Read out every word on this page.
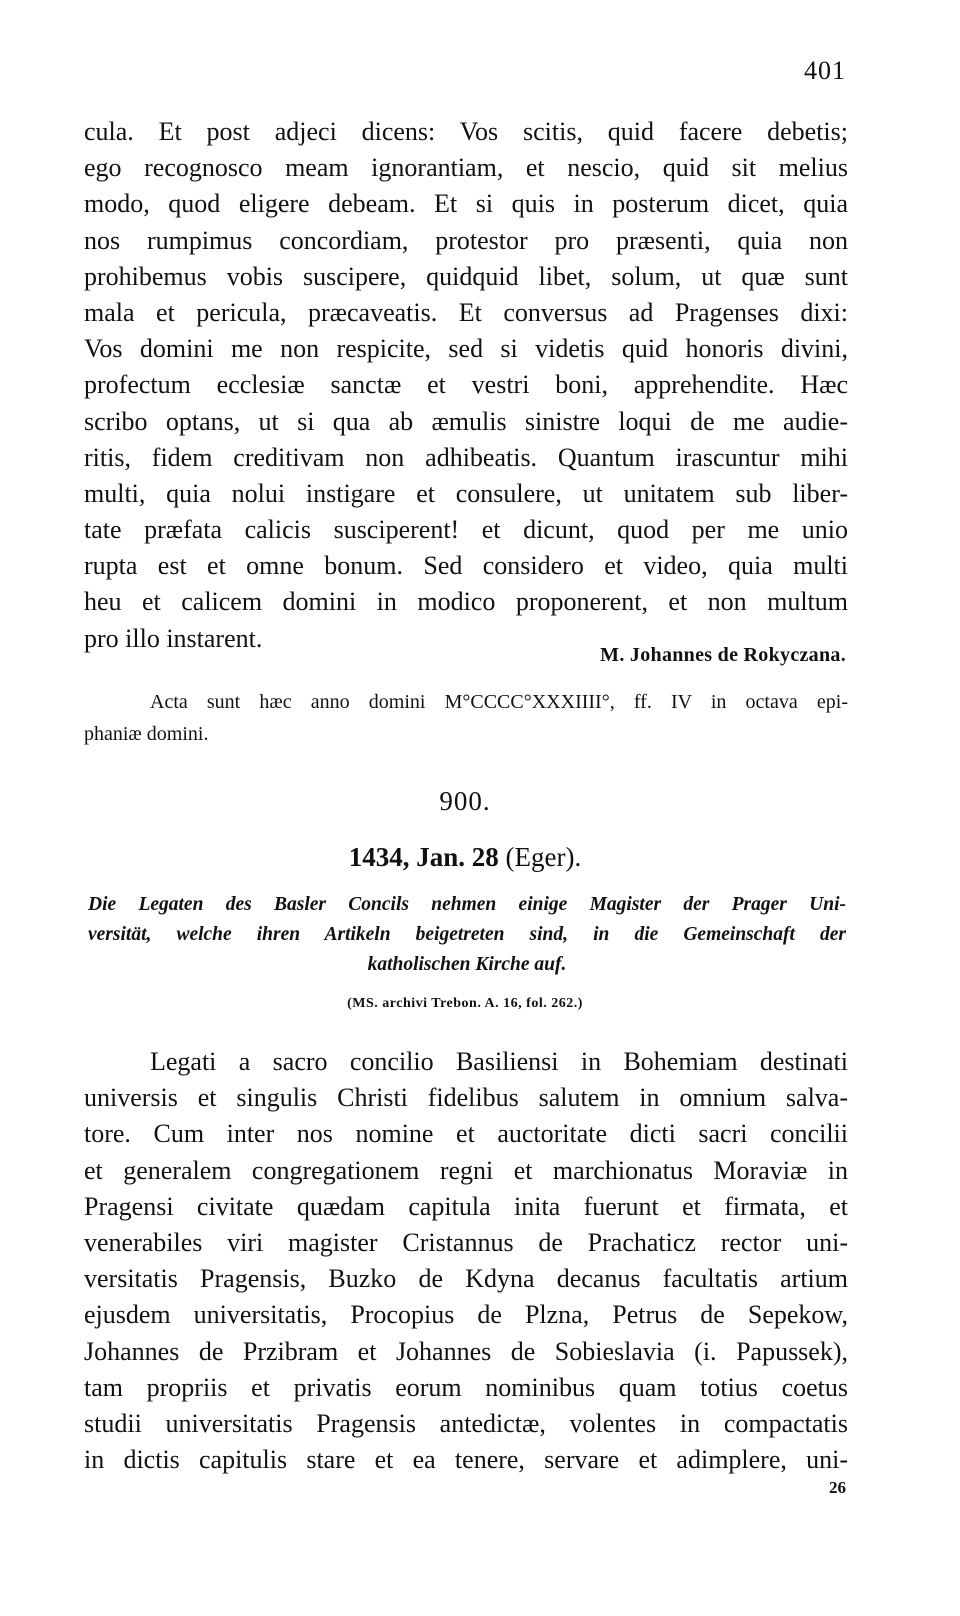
401
cula. Et post adjeci dicens: Vos scitis, quid facere debetis;
ego recognosco meam ignorantiam, et nescio, quid sit melius
modo, quod eligere debeam. Et si quis in posterum dicet, quia
nos rumpimus concordiam, protestor pro præsenti, quia non
prohibemus vobis suscipere, quidquid libet, solum, ut quæ sunt
mala et pericula, præcaveatis. Et conversus ad Pragenses dixi:
Vos domini me non respicite, sed si videtis quid honoris divini,
profectum ecclesiæ sanctæ et vestri boni, apprehendite. Hæc
scribo optans, ut si qua ab æmulis sinistre loqui de me audie-
ritis, fidem creditivam non adhibeatis. Quantum irascuntur mihi
multi, quia nolui instigare et consulere, ut unitatem sub liber-
tate præfata calicis susciperent! et dicunt, quod per me unio
rupta est et omne bonum. Sed considero et video, quia multi
heu et calicem domini in modico proponerent, et non multum
pro illo instarent.
M. Johannes de Rokyczana.
Acta sunt hæc anno domini M°CCCC°XXXIIII°, ff. IV in octava epi-
phaniæ domini.
900.
1434, Jan. 28 (Eger).
Die Legaten des Basler Concils nehmen einige Magister der Prager Uni-
versität, welche ihren Artikeln beigetreten sind, in die Gemeinschaft der
katholischen Kirche auf.
(MS. archivi Trebon. A. 16, fol. 262.)
Legati a sacro concilio Basiliensi in Bohemiam destinati
universis et singulis Christi fidelibus salutem in omnium salva-
tore. Cum inter nos nomine et auctoritate dicti sacri concilii
et generalem congregationem regni et marchionatus Moraviæ in
Pragensi civitate quædam capitula inita fuerunt et firmata, et
venerabiles viri magister Cristannus de Prachaticz rector uni-
versitatis Pragensis, Buzko de Kdyna decanus facultatis artium
ejusdem universitatis, Procopius de Plzna, Petrus de Sepekow,
Johannes de Przibram et Johannes de Sobieslavia (i. Papussek),
tam propriis et privatis eorum nominibus quam totius coetus
studii universitatis Pragensis antedictæ, volentes in compactatis
in dictis capitulis stare et ea tenere, servare et adimplere, uni-
26
